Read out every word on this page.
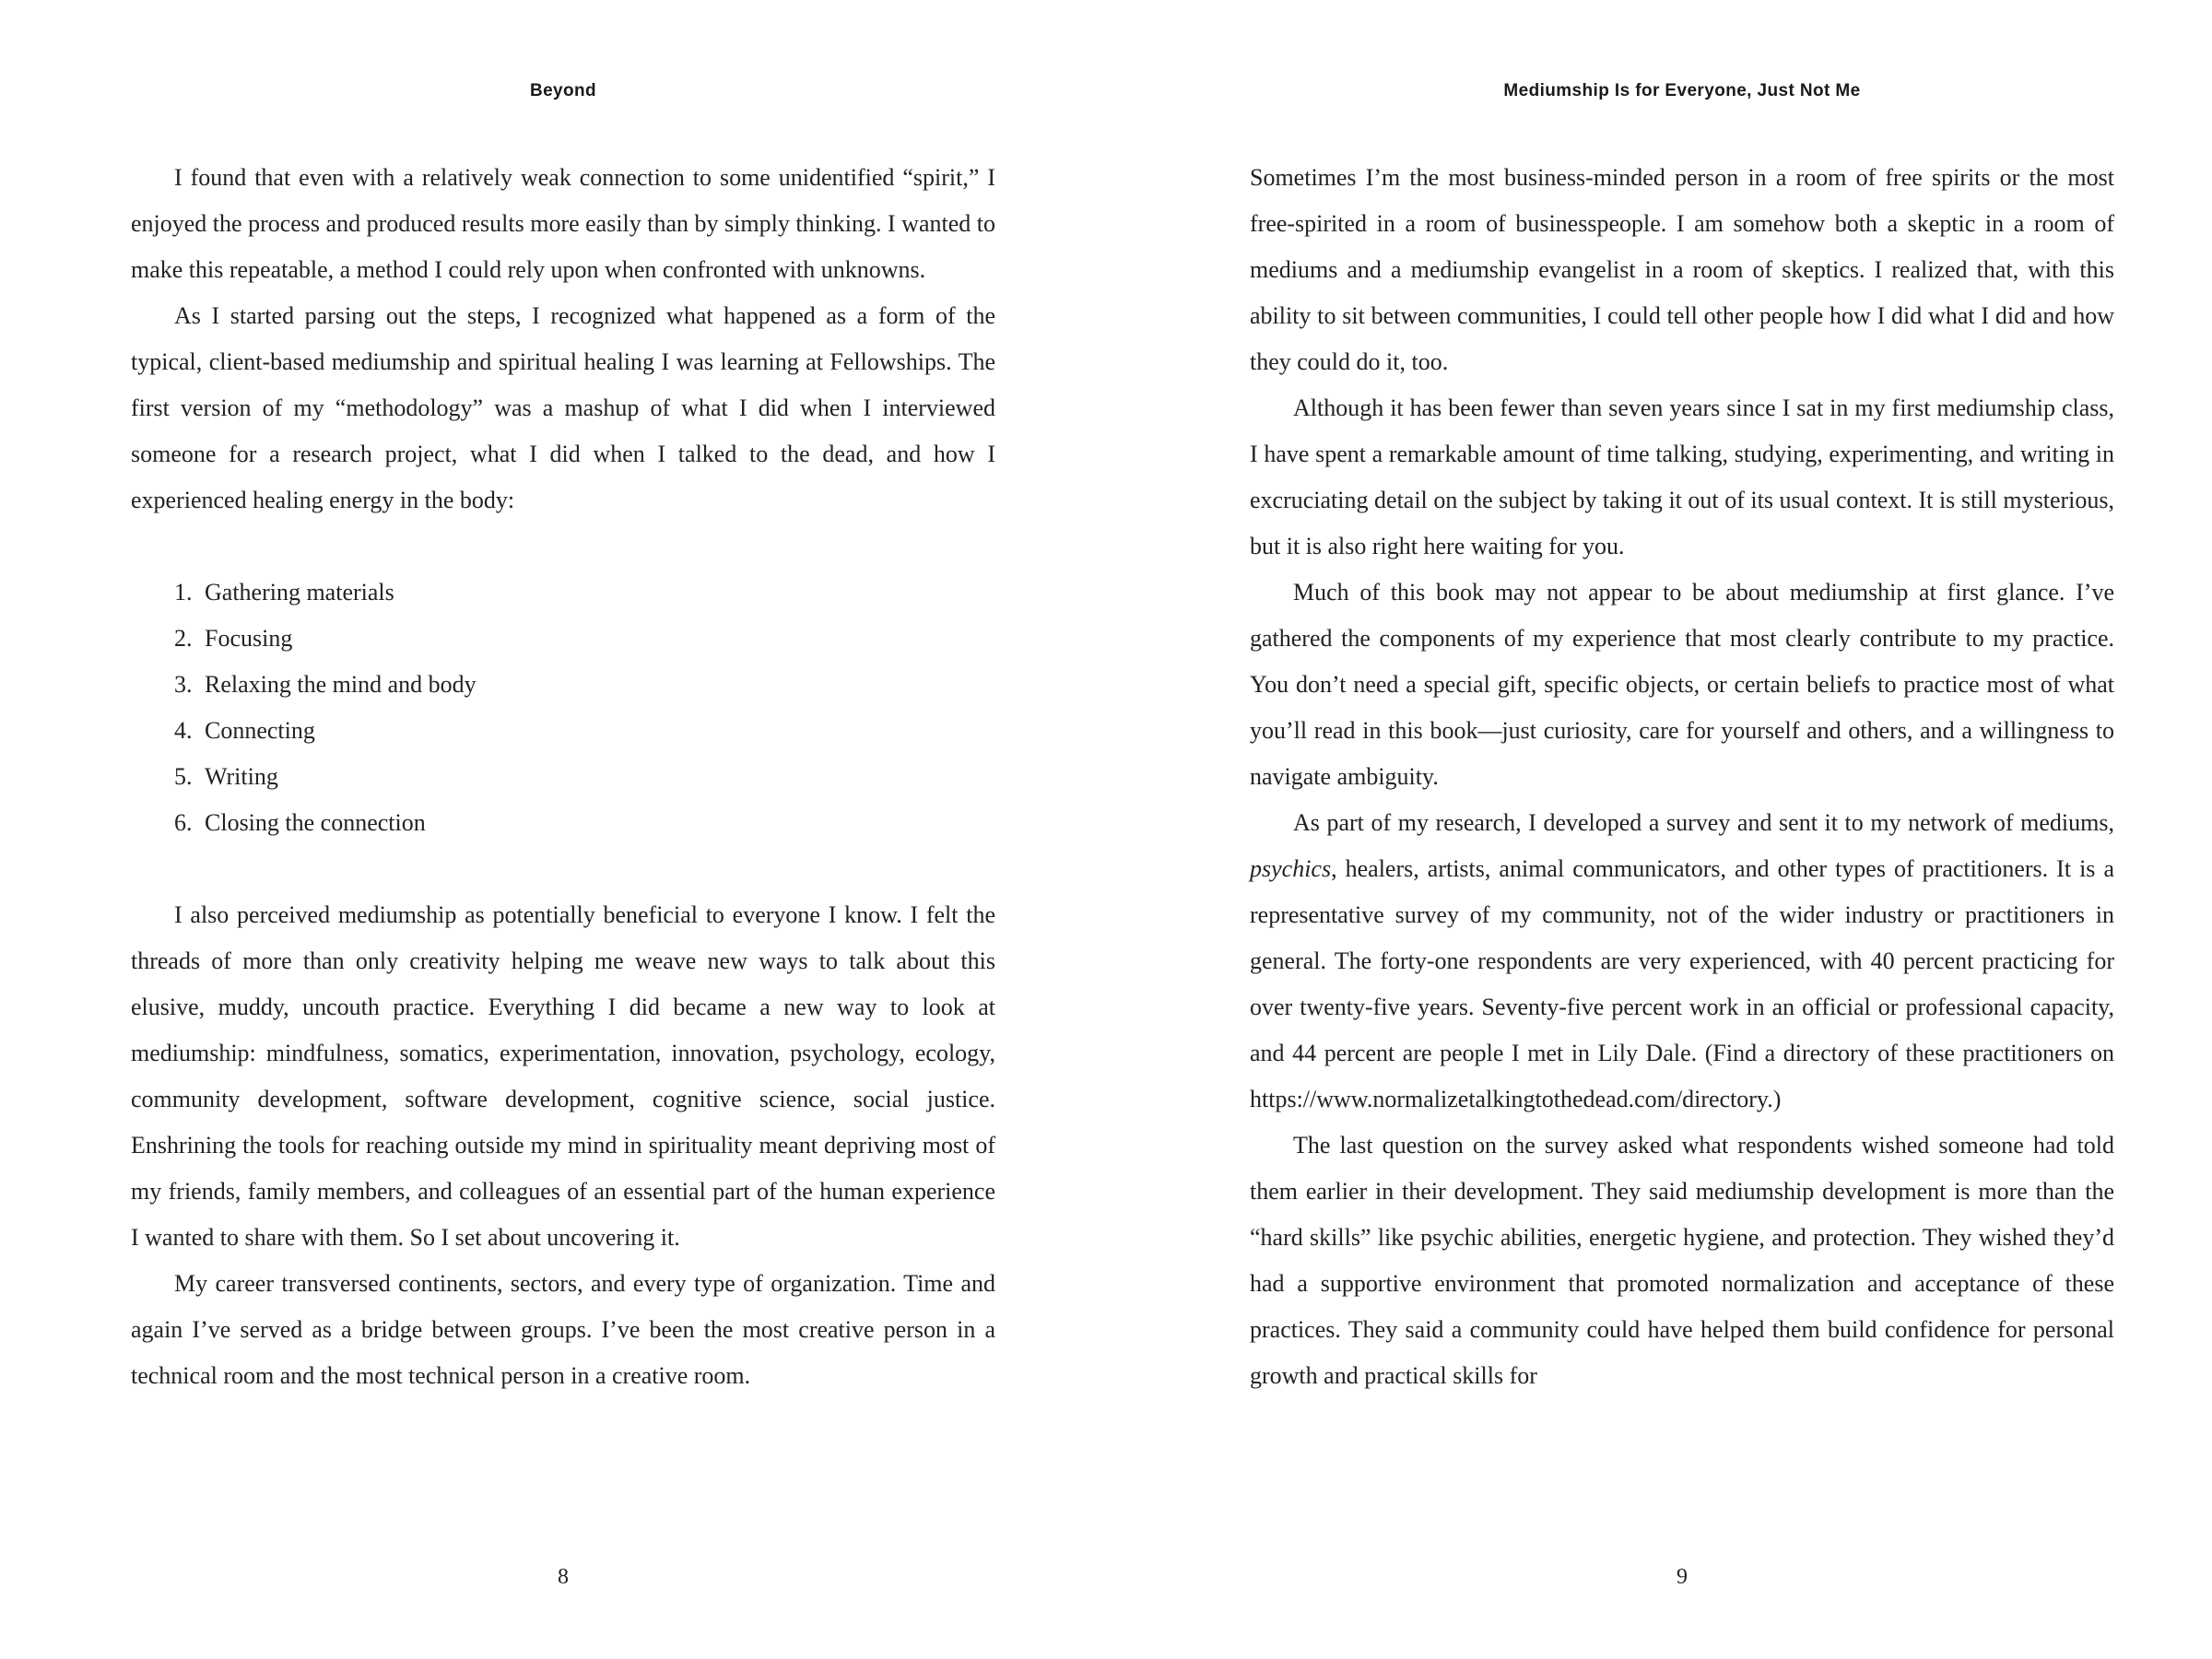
Beyond

I found that even with a relatively weak connection to some unidentified “spirit,” I enjoyed the process and produced results more easily than by simply thinking. I wanted to make this repeatable, a method I could rely upon when confronted with unknowns.

As I started parsing out the steps, I recognized what happened as a form of the typical, client-based mediumship and spiritual healing I was learning at Fellowships. The first version of my “methodology” was a mashup of what I did when I interviewed someone for a research project, what I did when I talked to the dead, and how I experienced healing energy in the body:

1. Gathering materials
2. Focusing
3. Relaxing the mind and body
4. Connecting
5. Writing
6. Closing the connection

I also perceived mediumship as potentially beneficial to everyone I know. I felt the threads of more than only creativity helping me weave new ways to talk about this elusive, muddy, uncouth practice. Everything I did became a new way to look at mediumship: mindfulness, somatics, experimentation, innovation, psychology, ecology, community development, software development, cognitive science, social justice. Enshrining the tools for reaching outside my mind in spirituality meant depriving most of my friends, family members, and colleagues of an essential part of the human experience I wanted to share with them. So I set about uncovering it.

My career transversed continents, sectors, and every type of organization. Time and again I’ve served as a bridge between groups. I’ve been the most creative person in a technical room and the most technical person in a creative room.

8
Mediumship Is for Everyone, Just Not Me

Sometimes I’m the most business-minded person in a room of free spirits or the most free-spirited in a room of businesspeople. I am somehow both a skeptic in a room of mediums and a mediumship evangelist in a room of skeptics. I realized that, with this ability to sit between communities, I could tell other people how I did what I did and how they could do it, too.

Although it has been fewer than seven years since I sat in my first mediumship class, I have spent a remarkable amount of time talking, studying, experimenting, and writing in excruciating detail on the subject by taking it out of its usual context. It is still mysterious, but it is also right here waiting for you.

Much of this book may not appear to be about mediumship at first glance. I’ve gathered the components of my experience that most clearly contribute to my practice. You don’t need a special gift, specific objects, or certain beliefs to practice most of what you’ll read in this book—just curiosity, care for yourself and others, and a willingness to navigate ambiguity.

As part of my research, I developed a survey and sent it to my network of mediums, psychics, healers, artists, animal communicators, and other types of practitioners. It is a representative survey of my community, not of the wider industry or practitioners in general. The forty-one respondents are very experienced, with 40 percent practicing for over twenty-five years. Seventy-five percent work in an official or professional capacity, and 44 percent are people I met in Lily Dale. (Find a directory of these practitioners on https://www.normalizetalkingtothedead.com/directory.)

The last question on the survey asked what respondents wished someone had told them earlier in their development. They said mediumship development is more than the “hard skills” like psychic abilities, energetic hygiene, and protection. They wished they’d had a supportive environment that promoted normalization and acceptance of these practices. They said a community could have helped them build confidence for personal growth and practical skills for

9
